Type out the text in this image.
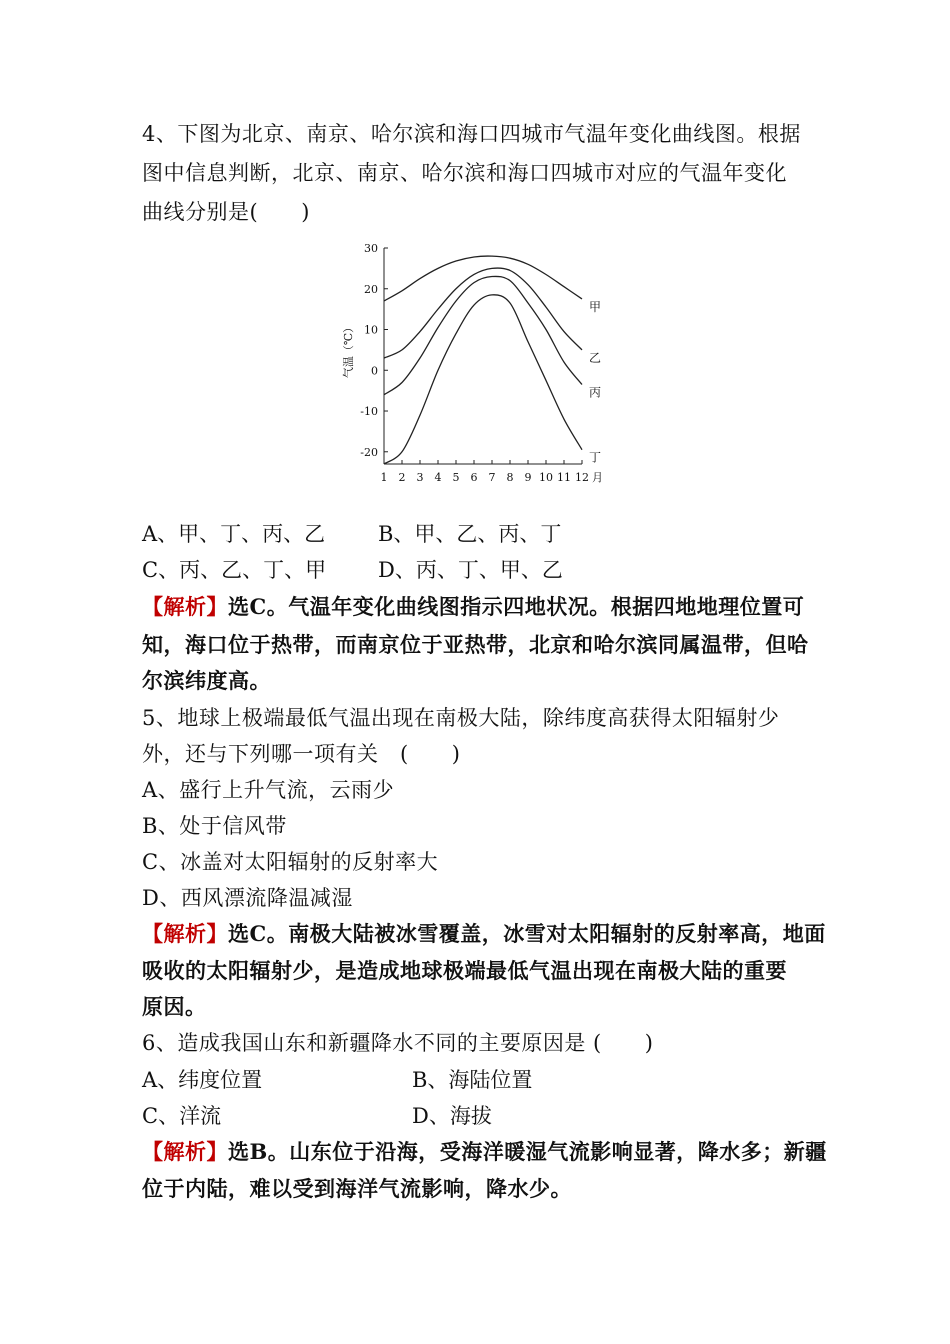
4、下图为北京、南京、哈尔滨和海口四城市气温年变化曲线图。根据
图中信息判断，北京、南京、哈尔滨和海口四城市对应的气温年变化
曲线分别是(　　)
30
20
10
0
-10
-20
1 2 3 4 5 6 7 8 9 10 11 12
甲
乙
丙
丁
气温（℃）
月
A、甲、丁、丙、乙	B、甲、乙、丙、丁
C、丙、乙、丁、甲 D、丙、丁、甲、乙
【解析】选C。气温年变化曲线图指示四地状况。根据四地地理位置可
知，海口位于热带，而南京位于亚热带，北京和哈尔滨同属温带，但哈
尔滨纬度高。
5、地球上极端最低气温出现在南极大陆，除纬度高获得太阳辐射少
外，还与下列哪一项有关　(　　)
A、盛行上升气流，云雨少
B、处于信风带
C、冰盖对太阳辐射的反射率大
D、西风漂流降温减湿
【解析】选C。南极大陆被冰雪覆盖，冰雪对太阳辐射的反射率高，地面
吸收的太阳辐射少，是造成地球极端最低气温出现在南极大陆的重要
原因。
6、造成我国山东和新疆降水不同的主要原因是 (　　)
A、纬度位置	B、海陆位置
C、洋流	D、海拔
【解析】选B。山东位于沿海，受海洋暖湿气流影响显著，降水多；新疆
位于内陆，难以受到海洋气流影响，降水少。
